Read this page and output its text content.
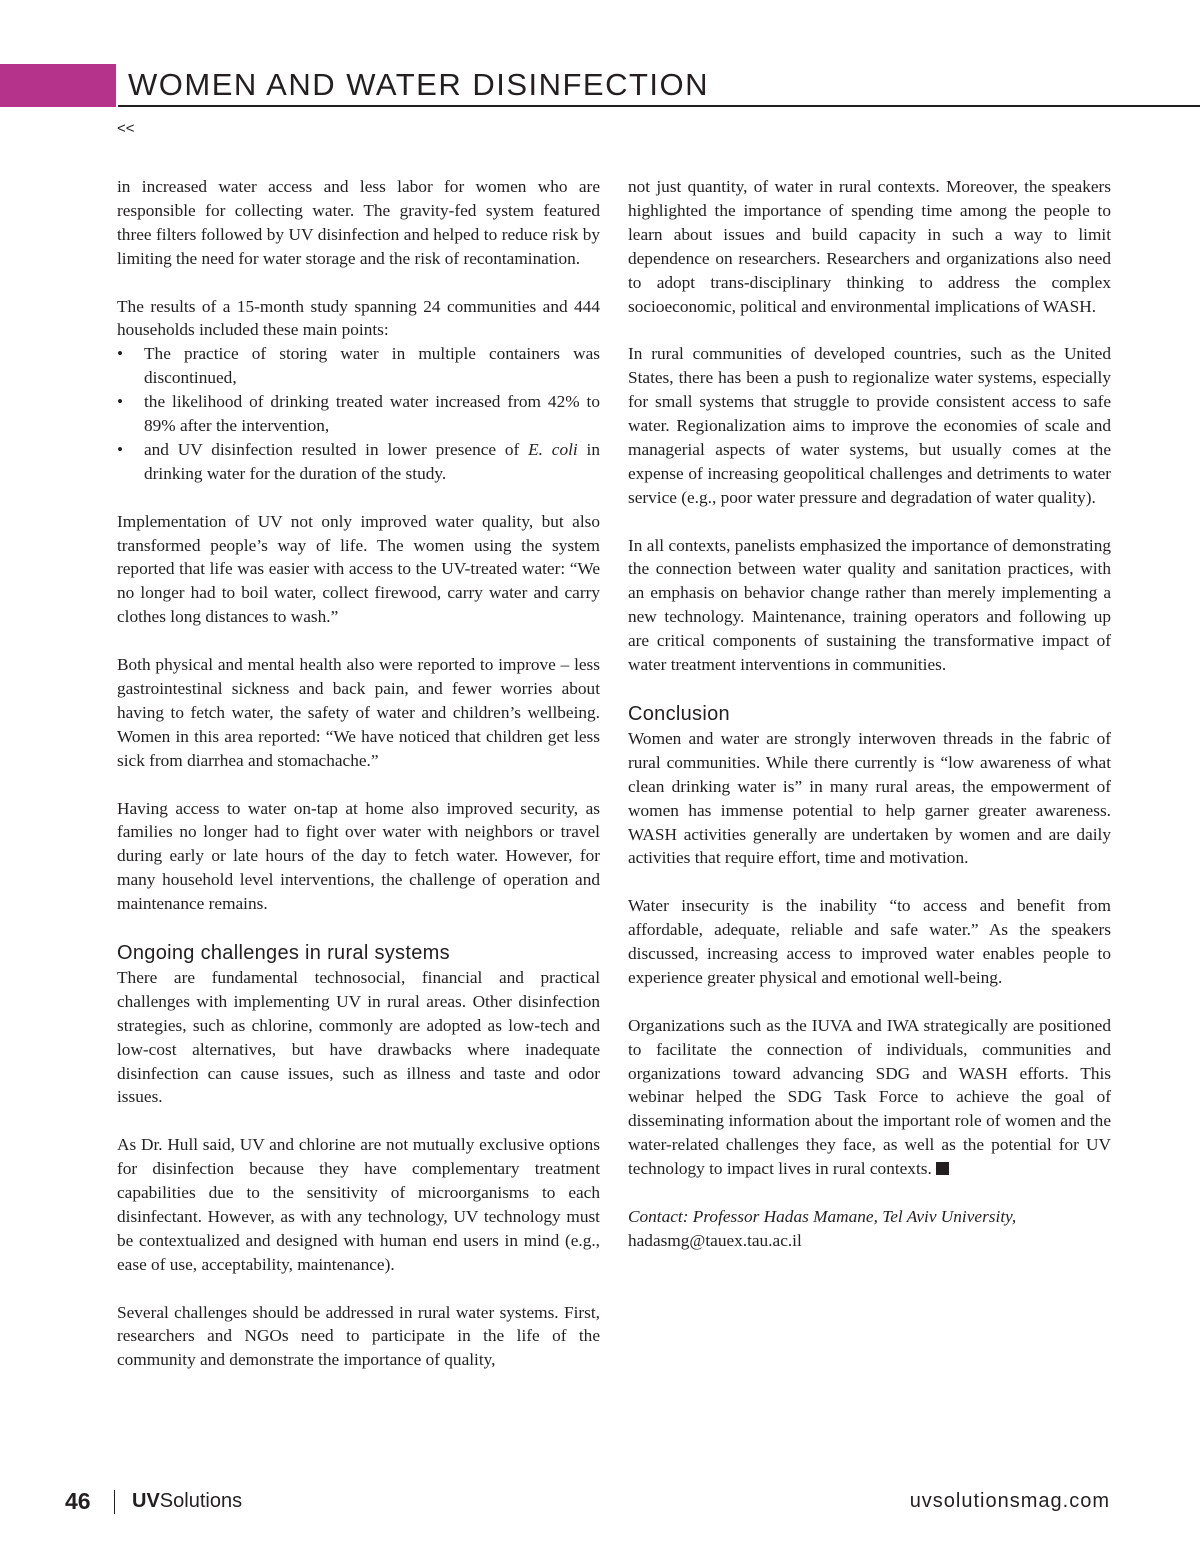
WOMEN AND WATER DISINFECTION
<<

in increased water access and less labor for women who are responsible for collecting water. The gravity-fed system featured three filters followed by UV disinfection and helped to reduce risk by limiting the need for water storage and the risk of recontamination.

The results of a 15-month study spanning 24 communities and 444 households included these main points:

• The practice of storing water in multiple containers was discontinued,
• the likelihood of drinking treated water increased from 42% to 89% after the intervention,
• and UV disinfection resulted in lower presence of E. coli in drinking water for the duration of the study.

Implementation of UV not only improved water quality, but also transformed people’s way of life. The women using the system reported that life was easier with access to the UV-treated water: “We no longer had to boil water, collect firewood, carry water and carry clothes long distances to wash.”

Both physical and mental health also were reported to improve – less gastrointestinal sickness and back pain, and fewer worries about having to fetch water, the safety of water and children’s wellbeing. Women in this area reported: “We have noticed that children get less sick from diarrhea and stomachache.”

Having access to water on-tap at home also improved security, as families no longer had to fight over water with neighbors or travel during early or late hours of the day to fetch water. However, for many household level interventions, the challenge of operation and maintenance remains.

Ongoing challenges in rural systems

There are fundamental technosocial, financial and practical challenges with implementing UV in rural areas. Other disinfection strategies, such as chlorine, commonly are adopted as low-tech and low-cost alternatives, but have drawbacks where inadequate disinfection can cause issues, such as illness and taste and odor issues.

As Dr. Hull said, UV and chlorine are not mutually exclusive options for disinfection because they have complementary treatment capabilities due to the sensitivity of microorganisms to each disinfectant. However, as with any technology, UV technology must be contextualized and designed with human end users in mind (e.g., ease of use, acceptability, maintenance).

Several challenges should be addressed in rural water systems. First, researchers and NGOs need to participate in the life of the community and demonstrate the importance of quality,

not just quantity, of water in rural contexts. Moreover, the speakers highlighted the importance of spending time among the people to learn about issues and build capacity in such a way to limit dependence on researchers. Researchers and organizations also need to adopt trans-disciplinary thinking to address the complex socioeconomic, political and environmental implications of WASH.

In rural communities of developed countries, such as the United States, there has been a push to regionalize water systems, especially for small systems that struggle to provide consistent access to safe water. Regionalization aims to improve the economies of scale and managerial aspects of water systems, but usually comes at the expense of increasing geopolitical challenges and detriments to water service (e.g., poor water pressure and degradation of water quality).

In all contexts, panelists emphasized the importance of demonstrating the connection between water quality and sanitation practices, with an emphasis on behavior change rather than merely implementing a new technology. Maintenance, training operators and following up are critical components of sustaining the transformative impact of water treatment interventions in communities.

Conclusion

Women and water are strongly interwoven threads in the fabric of rural communities. While there currently is “low awareness of what clean drinking water is” in many rural areas, the empowerment of women has immense potential to help garner greater awareness. WASH activities generally are undertaken by women and are daily activities that require effort, time and motivation.

Water insecurity is the inability “to access and benefit from affordable, adequate, reliable and safe water.” As the speakers discussed, increasing access to improved water enables people to experience greater physical and emotional well-being.

Organizations such as the IUVA and IWA strategically are positioned to facilitate the connection of individuals, communities and organizations toward advancing SDG and WASH efforts. This webinar helped the SDG Task Force to achieve the goal of disseminating information about the important role of women and the water-related challenges they face, as well as the potential for UV technology to impact lives in rural contexts.

Contact: Professor Hadas Mamane, Tel Aviv University,
hadasmg@tauex.tau.ac.il

46 UVSolutions	uvsolutionsmag.com
